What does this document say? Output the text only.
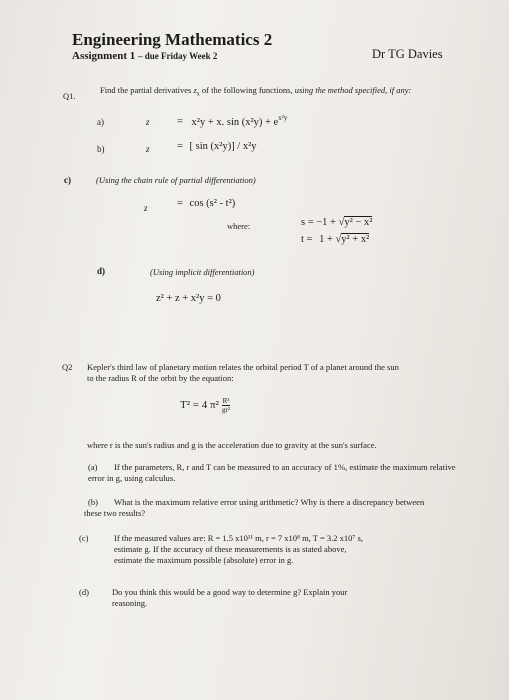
Engineering Mathematics 2
Assignment 1 – due Friday Week 2	Dr TG Davies
Q1.
Find the partial derivatives $z_x$ of the following functions, using the method specified, if any:
a)	z	= x²y + x. $\sin (x^2y) + e^{x^2y}$
b)	z	= [ sin (x²y)] / x²y
c)	(Using the chain rule of partial differentiation)
z	= cos (s² - t²)
where:	s = −1 + √y² − x²
t = 1 + √y² + x²
d)	(Using implicit differentiation)
z² + z + x²y = 0
Q2 Kepler's third law of planetary motion relates the orbital period T of a planet around the sun
to the radius R of the orbit by the equation:
T² = 4 $\pi^2 \frac{\text{R³}}{\text{gr²}}$
where r is the sun's radius and g is the acceleration due to gravity at the sun's surface.
(a)	If the parameters, R, r and T can be measured to an accuracy of 1%, estimate the maximum relative error in g, using calculus.
(b)	What is the maximum relative error using arithmetic? Why is there a discrepancy between these two results?
(c)	If the measured values are: R = 1.5 x10¹¹ m, r = 7 x10⁸ m, T = 3.2 x10⁷ s,
estimate g. If the accuracy of these measurements is as stated above,
estimate the maximum possible (absolute) error in g.
(d)	Do you think this would be a good way to determine g? Explain your
reasoning.
